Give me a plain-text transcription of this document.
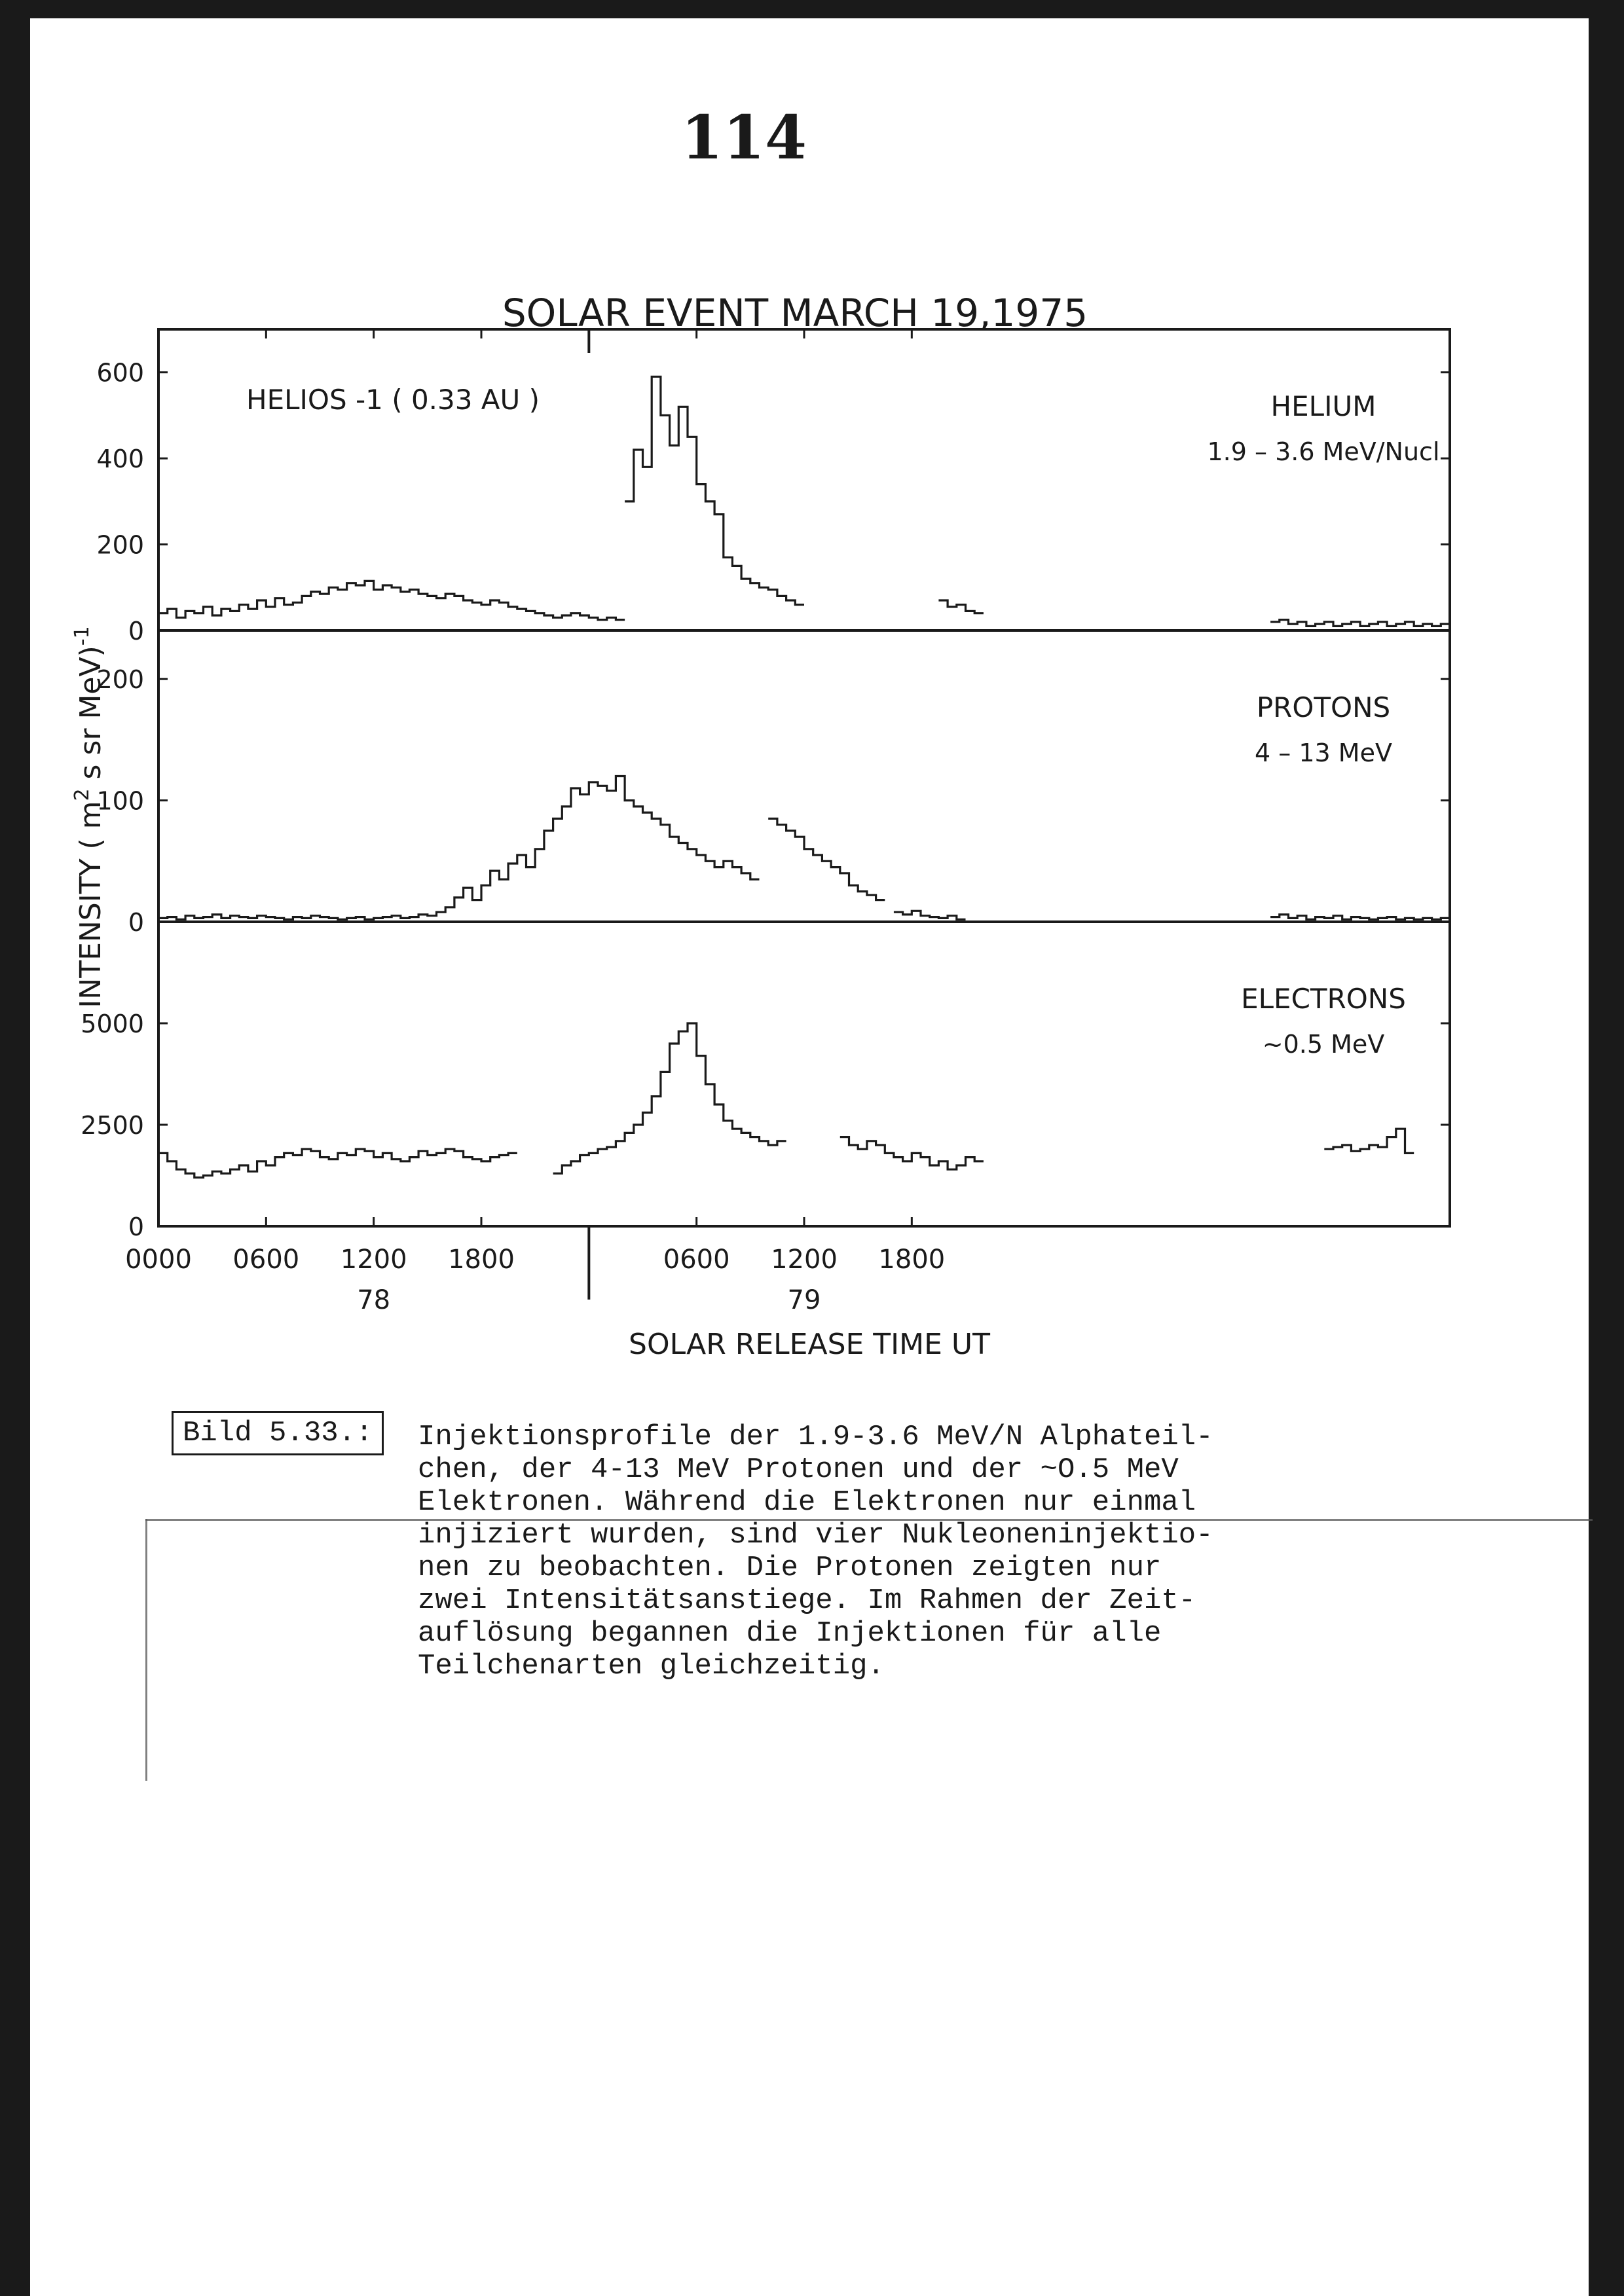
114
SOLAR EVENT MARCH 19,1975
0
200
400
600
HELIUM
1.9 – 3.6 MeV/Nucl
HELIOS -1 ( 0.33 AU )
0
100
200
PROTONS
4 – 13 MeV
0
2500
5000
ELECTRONS
~0.5 MeV
0000 0600 1200 1800	0600 1200 1800
78	79
SOLAR RELEASE TIME UT
INTENSITY ( $m^2$ s sr MeV)$^{-1}$
Bild 5.33.:	Injektionsprofile der 1.9-3.6 MeV/N Alphateil-
chen, der 4-13 MeV Protonen und der ~O.5 MeV
Elektronen. Während die Elektronen nur einmal
injiziert wurden, sind vier Nukleoneninjektio-
nen zu beobachten. Die Protonen zeigten nur
zwei Intensitätsanstiege. Im Rahmen der Zeit-
auflösung begannen die Injektionen für alle
Teilchenarten gleichzeitig.
